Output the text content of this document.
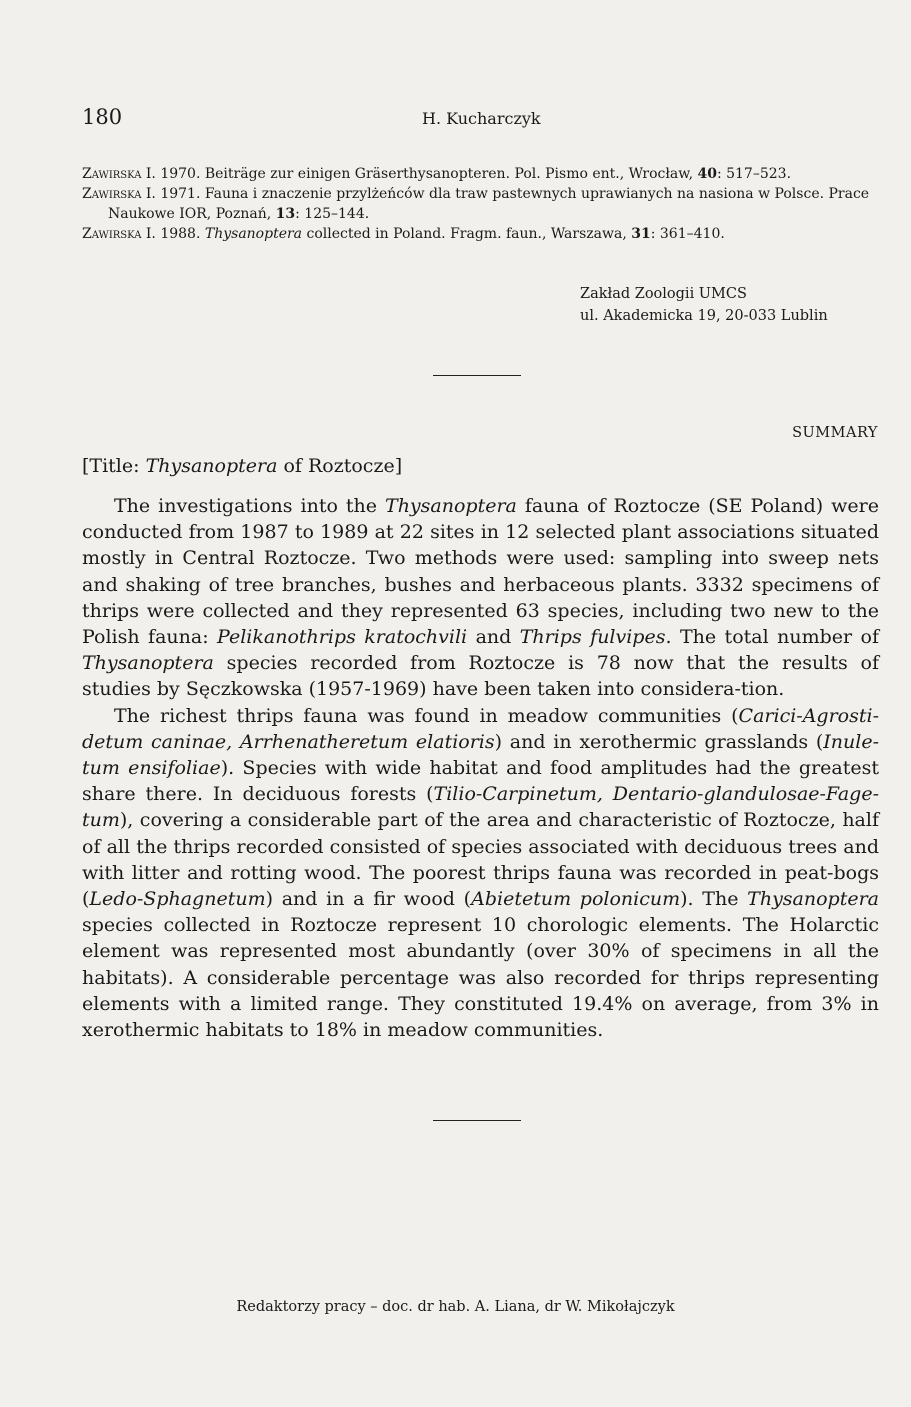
180	H. Kucharczyk

Zawirska I. 1970. Beiträge zur einigen Gräserthysanopteren. Pol. Pismo ent., Wrocław, 40: 517–523.

Zawirska I. 1971. Fauna i znaczenie przylżeńców dla traw pastewnych uprawianych na nasiona w Polsce. Prace Naukowe IOR, Poznań, 13: 125–144.

Zawirska I. 1988. Thysanoptera collected in Poland. Fragm. faun., Warszawa, 31: 361–410.

Zakład Zoologii UMCS
ul. Akademicka 19, 20-033 Lublin
SUMMARY
[Title: Thysanoptera of Roztocze]

The investigations into the Thysanoptera fauna of Roztocze (SE Poland) were conducted from 1987 to 1989 at 22 sites in 12 selected plant associations situated mostly in Central Roztocze. Two methods were used: sampling into sweep nets and shaking of tree branches, bushes and herbaceous plants. 3332 specimens of thrips were collected and they represented 63 species, including two new to the Polish fauna: Pelikanothrips kratochvili and Thrips fulvipes. The total number of Thysanoptera species recorded from Roztocze is 78 now that the results of studies by Sęczkowska (1957-1969) have been taken into considera-tion.

The richest thrips fauna was found in meadow communities (Carici-Agrosti-detum caninae, Arrhenatheretum elatioris) and in xerothermic grasslands (Inule-tum ensifoliae). Species with wide habitat and food amplitudes had the greatest share there. In deciduous forests (Tilio-Carpinetum, Dentario-glandulosae-Fage-tum), covering a considerable part of the area and characteristic of Roztocze, half of all the thrips recorded consisted of species associated with deciduous trees and with litter and rotting wood. The poorest thrips fauna was recorded in peat-bogs (Ledo-Sphagnetum) and in a fir wood (Abietetum polonicum). The Thysanoptera species collected in Roztocze represent 10 chorologic elements. The Holarctic element was represented most abundantly (over 30% of specimens in all the habitats). A considerable percentage was also recorded for thrips representing elements with a limited range. They constituted 19.4% on average, from 3% in xerothermic habitats to 18% in meadow communities.

Redaktorzy pracy – doc. dr hab. A. Liana, dr W. Mikołajczyk
